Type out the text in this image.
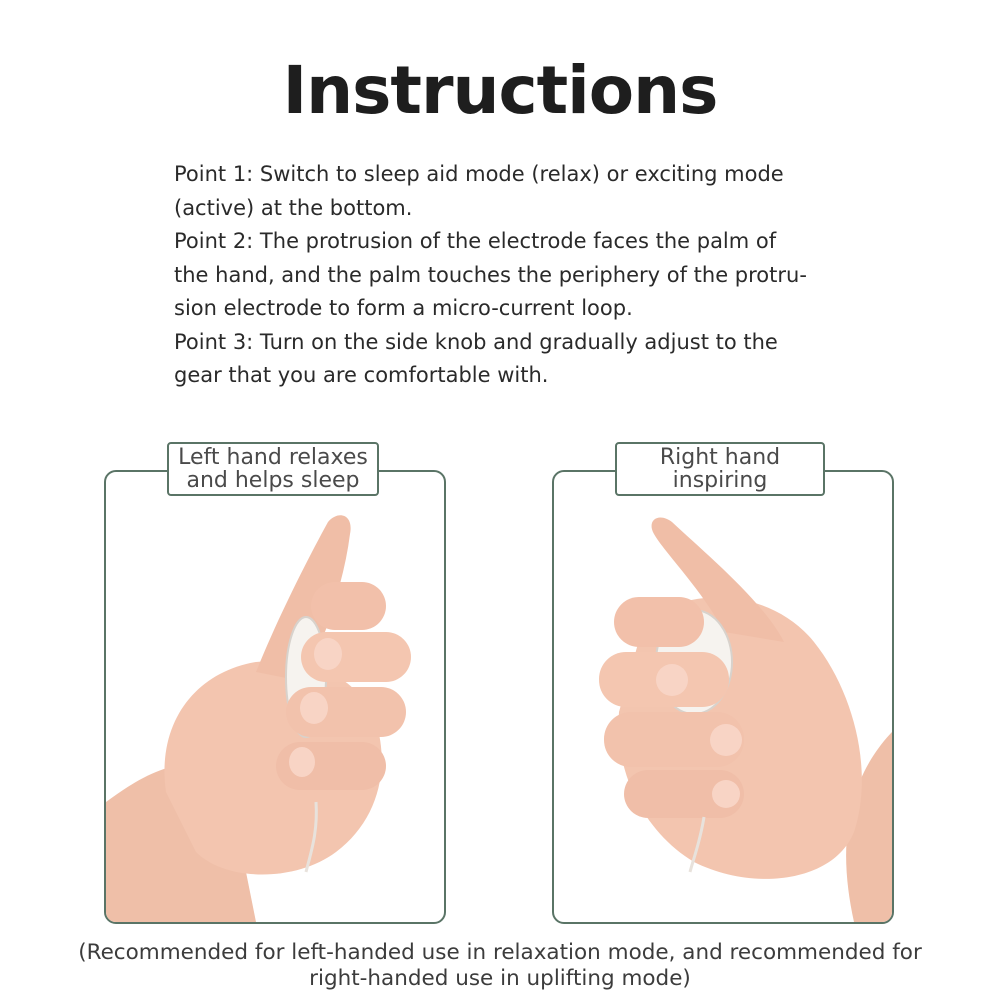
Instructions

Point 1: Switch to sleep aid mode (relax) or exciting mode
(active) at the bottom.

Point 2: The protrusion of the electrode faces the palm of
the hand, and the palm touches the periphery of the protru-
sion electrode to form a micro-current loop.

Point 3: Turn on the side knob and gradually adjust to the
gear that you are comfortable with.

Left hand relaxes
and helps sleep
Right hand
inspiring
(Recommended for left-handed use in relaxation mode, and recommended for
right-handed use in uplifting mode)
